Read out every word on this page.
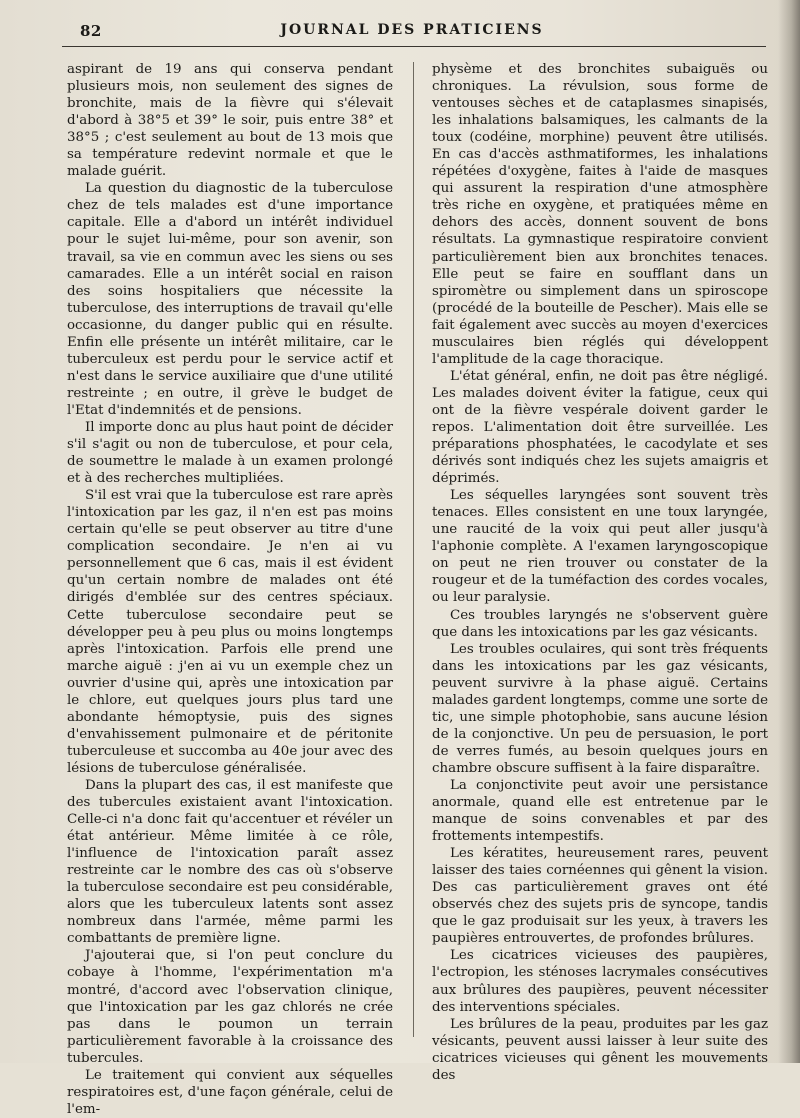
82	JOURNAL DES PRATICIENS

aspirant de 19 ans qui conserva pendant plusieurs mois, non seulement des signes de bronchite, mais de la fièvre qui s'élevait d'abord à 38°5 et 39° le soir, puis entre 38° et 38°5 ; c'est seulement au bout de 13 mois que sa température redevint normale et que le malade guérit.

La question du diagnostic de la tuberculose chez de tels malades est d'une importance capitale. Elle a d'abord un intérêt individuel pour le sujet lui-même, pour son avenir, son travail, sa vie en commun avec les siens ou ses camarades. Elle a un intérêt social en raison des soins hospitaliers que nécessite la tuberculose, des interruptions de travail qu'elle occasionne, du danger public qui en résulte. Enfin elle présente un intérêt militaire, car le tuberculeux est perdu pour le service actif et n'est dans le service auxiliaire que d'une utilité restreinte ; en outre, il grève le budget de l'Etat d'indemnités et de pensions.

Il importe donc au plus haut point de décider s'il s'agit ou non de tuberculose, et pour cela, de soumettre le malade à un examen prolongé et à des recherches multipliées.

S'il est vrai que la tuberculose est rare après l'intoxication par les gaz, il n'en est pas moins certain qu'elle se peut observer au titre d'une complication secondaire. Je n'en ai vu personnellement que 6 cas, mais il est évident qu'un certain nombre de malades ont été dirigés d'emblée sur des centres spéciaux. Cette tuberculose secondaire peut se développer peu à peu plus ou moins longtemps après l'intoxication. Parfois elle prend une marche aiguë : j'en ai vu un exemple chez un ouvrier d'usine qui, après une intoxication par le chlore, eut quelques jours plus tard une abondante hémoptysie, puis des signes d'envahissement pulmonaire et de péritonite tuberculeuse et succomba au 40e jour avec des lésions de tuberculose généralisée.

Dans la plupart des cas, il est manifeste que des tubercules existaient avant l'intoxication. Celle-ci n'a donc fait qu'accentuer et révéler un état antérieur. Même limitée à ce rôle, l'influence de l'intoxication paraît assez restreinte car le nombre des cas où s'observe la tuberculose secondaire est peu considérable, alors que les tuberculeux latents sont assez nombreux dans l'armée, même parmi les combattants de première ligne.

J'ajouterai que, si l'on peut conclure du cobaye à l'homme, l'expérimentation m'a montré, d'accord avec l'observation clinique, que l'intoxication par les gaz chlorés ne crée pas dans le poumon un terrain particulièrement favorable à la croissance des tubercules.

Le traitement qui convient aux séquelles respiratoires est, d'une façon générale, celui de l'em-

physème et des bronchites subaiguës ou chroniques. La révulsion, sous forme de ventouses sèches et de cataplasmes sinapisés, les inhalations balsamiques, les calmants de la toux (codéine, morphine) peuvent être utilisés. En cas d'accès asthmatiformes, les inhalations répétées d'oxygène, faites à l'aide de masques qui assurent la respiration d'une atmosphère très riche en oxygène, et pratiquées même en dehors des accès, donnent souvent de bons résultats. La gymnastique respiratoire convient particulièrement bien aux bronchites tenaces. Elle peut se faire en soufflant dans un spiromètre ou simplement dans un spiroscope (procédé de la bouteille de Pescher). Mais elle se fait également avec succès au moyen d'exercices musculaires bien réglés qui développent l'amplitude de la cage thoracique.

L'état général, enfin, ne doit pas être négligé. Les malades doivent éviter la fatigue, ceux qui ont de la fièvre vespérale doivent garder le repos. L'alimentation doit être surveillée. Les préparations phosphatées, le cacodylate et ses dérivés sont indiqués chez les sujets amaigris et déprimés.

Les séquelles laryngées sont souvent très tenaces. Elles consistent en une toux laryngée, une raucité de la voix qui peut aller jusqu'à l'aphonie complète. A l'examen laryngoscopique on peut ne rien trouver ou constater de la rougeur et de la tuméfaction des cordes vocales, ou leur paralysie.

Ces troubles laryngés ne s'observent guère que dans les intoxications par les gaz vésicants.

Les troubles oculaires, qui sont très fréquents dans les intoxications par les gaz vésicants, peuvent survivre à la phase aiguë. Certains malades gardent longtemps, comme une sorte de tic, une simple photophobie, sans aucune lésion de la conjonctive. Un peu de persuasion, le port de verres fumés, au besoin quelques jours en chambre obscure suffisent à la faire disparaître.

La conjonctivite peut avoir une persistance anormale, quand elle est entretenue par le manque de soins convenables et par des frottements intempestifs.

Les kératites, heureusement rares, peuvent laisser des taies cornéennes qui gênent la vision. Des cas particulièrement graves ont été observés chez des sujets pris de syncope, tandis que le gaz produisait sur les yeux, à travers les paupières entrouvertes, de profondes brûlures.

Les cicatrices vicieuses des paupières, l'ectropion, les sténoses lacrymales consécutives aux brûlures des paupières, peuvent nécessiter des interventions spéciales.

Les brûlures de la peau, produites par les gaz vésicants, peuvent aussi laisser à leur suite des cicatrices vicieuses qui gênent les mouvements des
